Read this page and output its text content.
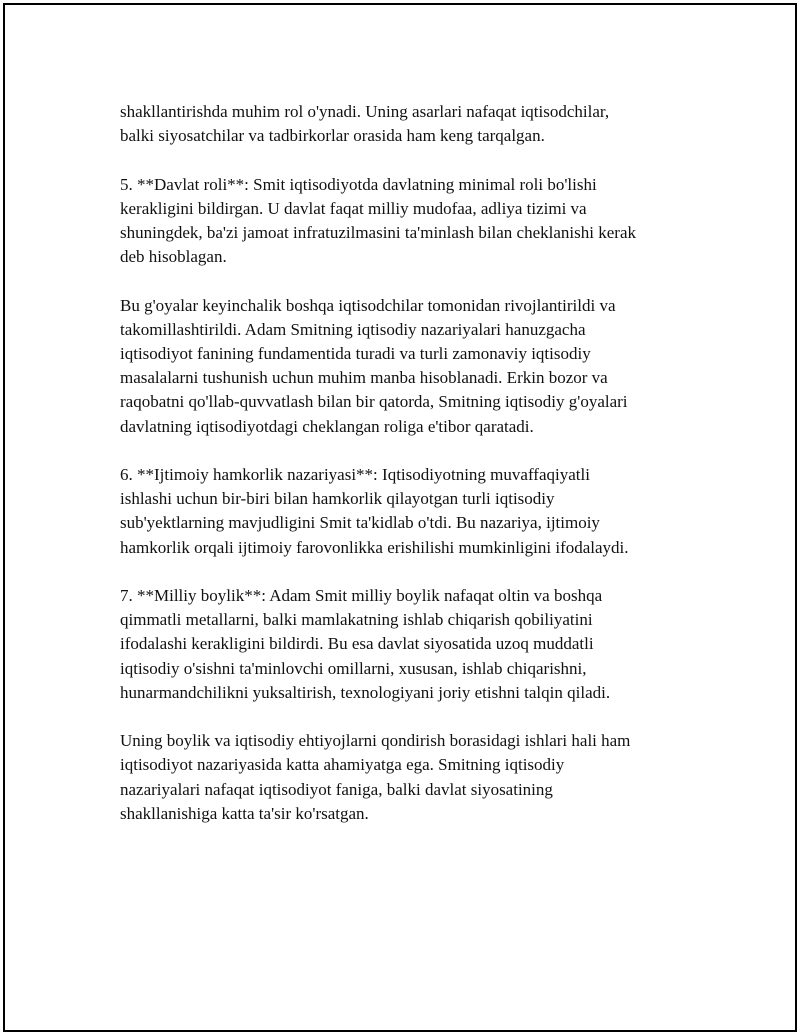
shakllantirishda muhim rol o'ynadi. Uning asarlari nafaqat iqtisodchilar,
balki siyosatchilar va tadbirkorlar orasida ham keng tarqalgan.

5. **Davlat roli**: Smit iqtisodiyotda davlatning minimal roli bo'lishi
kerakligini bildirgan. U davlat faqat milliy mudofaa, adliya tizimi va
shuningdek, ba'zi jamoat infratuzilmasini ta'minlash bilan cheklanishi kerak
deb hisoblagan.

Bu g'oyalar keyinchalik boshqa iqtisodchilar tomonidan rivojlantirildi va
takomillashtirildi. Adam Smitning iqtisodiy nazariyalari hanuzgacha
iqtisodiyot fanining fundamentida turadi va turli zamonaviy iqtisodiy
masalalarni tushunish uchun muhim manba hisoblanadi. Erkin bozor va
raqobatni qo'llab-quvvatlash bilan bir qatorda, Smitning iqtisodiy g'oyalari
davlatning iqtisodiyotdagi cheklangan roliga e'tibor qaratadi.

6. **Ijtimoiy hamkorlik nazariyasi**: Iqtisodiyotning muvaffaqiyatli
ishlashi uchun bir-biri bilan hamkorlik qilayotgan turli iqtisodiy
sub'yektlarning mavjudligini Smit ta'kidlab o'tdi. Bu nazariya, ijtimoiy
hamkorlik orqali ijtimoiy farovonlikka erishilishi mumkinligini ifodalaydi.

7. **Milliy boylik**: Adam Smit milliy boylik nafaqat oltin va boshqa
qimmatli metallarni, balki mamlakatning ishlab chiqarish qobiliyatini
ifodalashi kerakligini bildirdi. Bu esa davlat siyosatida uzoq muddatli
iqtisodiy o'sishni ta'minlovchi omillarni, xususan, ishlab chiqarishni,
hunarmandchilikni yuksaltirish, texnologiyani joriy etishni talqin qiladi.

Uning boylik va iqtisodiy ehtiyojlarni qondirish borasidagi ishlari hali ham
iqtisodiyot nazariyasida katta ahamiyatga ega. Smitning iqtisodiy
nazariyalari nafaqat iqtisodiyot faniga, balki davlat siyosatining
shakllanishiga katta ta'sir ko'rsatgan.
